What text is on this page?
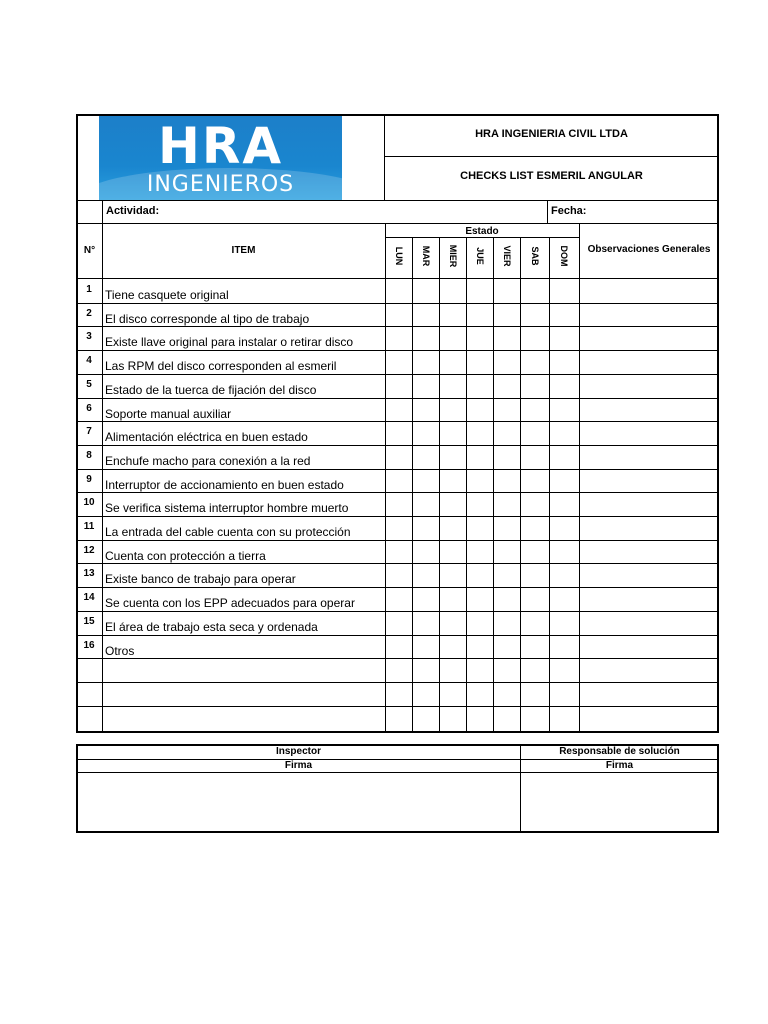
HRA
INGENIEROS
HRA INGENIERIA CIVIL LTDA
CHECKS LIST ESMERIL ANGULAR
Actividad:	Fecha:
N°	ITEM
Estado
Observaciones Generales
LUN MAR MIER JUE VIER SAB DOM
1	Tiene casquete original
2	El disco corresponde al tipo de trabajo
3	Existe llave original para instalar o retirar disco
4	Las RPM del disco corresponden al esmeril
5	Estado de la tuerca de fijación del disco
6	Soporte manual auxiliar
7	Alimentación eléctrica en buen estado
8	Enchufe macho para conexión a la red
9	Interruptor de accionamiento en buen estado
10 Se verifica sistema interruptor hombre muerto
11 La entrada del cable cuenta con su protección
12 Cuenta con protección a tierra
13 Existe banco de trabajo para operar
14 Se cuenta con los EPP adecuados para operar
15 El área de trabajo esta seca y ordenada
16 Otros
Inspector	Responsable de solución
Firma	Firma
